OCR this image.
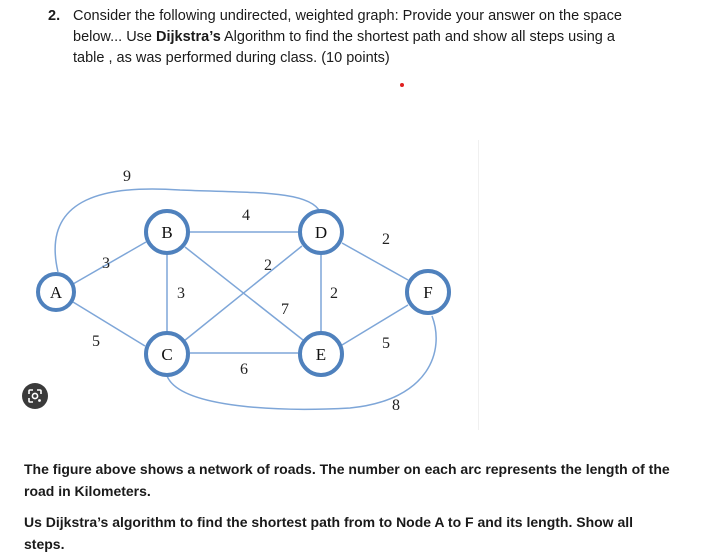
2. Consider the following undirected, weighted graph: Provide your answer on the space
below... Use Dijkstra’s Algorithm to find the shortest path and show all steps using a
table , as was performed during class. (10 points)
9
3
5
4
3
2
7
6
2
2
5
8
A
B
C
D
E
F
The figure above shows a network of roads. The number on each arc represents the length of the road in Kilometers.
Us Dijkstra’s algorithm to find the shortest path from to Node A to F and its length. Show all steps.
